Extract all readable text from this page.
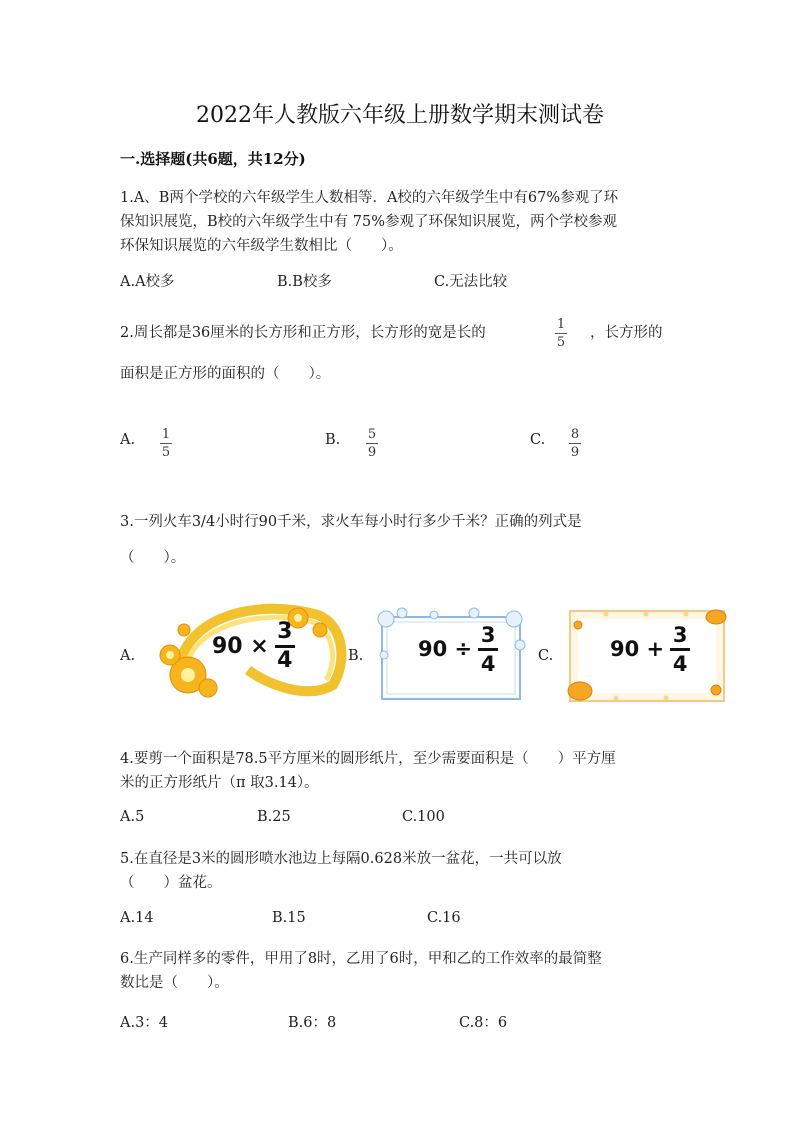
2022年人教版六年级上册数学期末测试卷
一.选择题(共6题，共12分)
1.A、B两个学校的六年级学生人数相等．A校的六年级学生中有67%参观了环
保知识展览，B校的六年级学生中有 75%参观了环保知识展览，两个学校参观
环保知识展览的六年级学生数相比（　　）。
A.A校多	B.B校多	C.无法比较
2.周长都是36厘米的长方形和正方形，长方形的宽是长的
1
5
，长方形的
面积是正方形的面积的（　　）。
A. 1
5
B. 5
9
C. 8
9
3.一列火车3/4小时行90千米，求火车每小时行多少千米？正确的列式是
（　　）。
A.	$90 \times \frac{3}{4}$	B.	$90 \div \frac{3}{4}$	C.	$90 + \frac{3}{4}$
4.要剪一个面积是78.5平方厘米的圆形纸片，至少需要面积是（　　）平方厘
米的正方形纸片（π 取3.14）。
A.5	B.25	C.100
5.在直径是3米的圆形喷水池边上每隔0.628米放一盆花，一共可以放
（　　）盆花。
A.14	B.15	C.16
6.生产同样多的零件，甲用了8时，乙用了6时，甲和乙的工作效率的最简整
数比是（　　）。
A.3：4	B.6：8	C.8：6
